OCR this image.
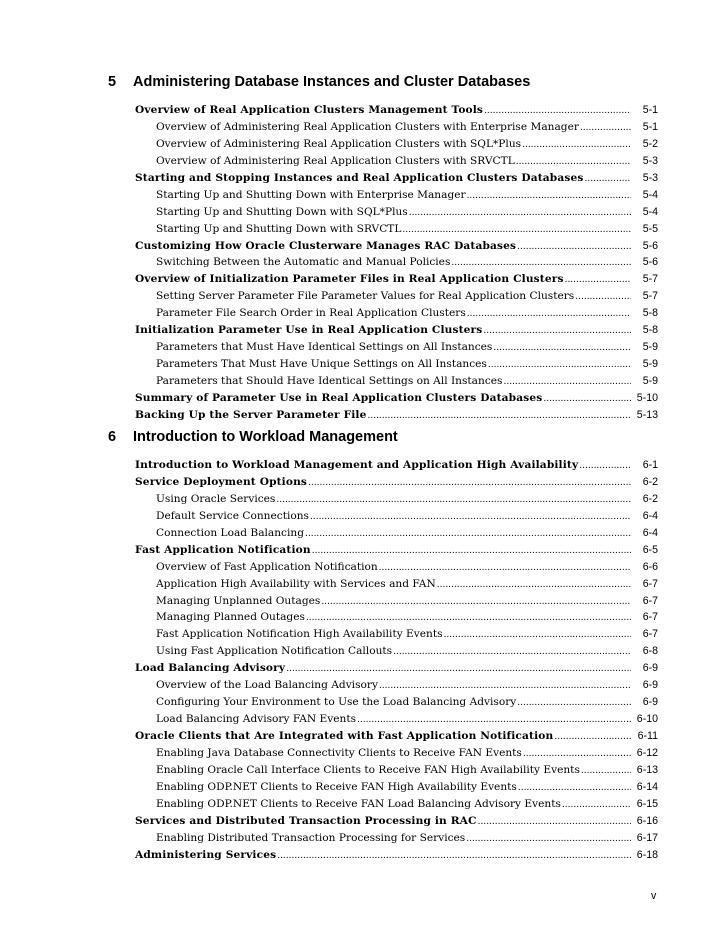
5	Administering Database Instances and Cluster Databases
Overview of Real Application Clusters Management Tools .....	5-1
Overview of Administering Real Application Clusters with Enterprise Manager .....	5-1
Overview of Administering Real Application Clusters with SQL*Plus .....	5-2
Overview of Administering Real Application Clusters with SRVCTL .....	5-3
Starting and Stopping Instances and Real Application Clusters Databases .....	5-3
Starting Up and Shutting Down with Enterprise Manager .....	5-4
Starting Up and Shutting Down with SQL*Plus .....	5-4
Starting Up and Shutting Down with SRVCTL .....	5-5
Customizing How Oracle Clusterware Manages RAC Databases .....	5-6
Switching Between the Automatic and Manual Policies .....	5-6
Overview of Initialization Parameter Files in Real Application Clusters .....	5-7
Setting Server Parameter File Parameter Values for Real Application Clusters .....	5-7
Parameter File Search Order in Real Application Clusters .....	5-8
Initialization Parameter Use in Real Application Clusters .....	5-8
Parameters that Must Have Identical Settings on All Instances .....	5-9
Parameters That Must Have Unique Settings on All Instances .....	5-9
Parameters that Should Have Identical Settings on All Instances .....	5-9
Summary of Parameter Use in Real Application Clusters Databases .....	5-10
Backing Up the Server Parameter File .....	5-13
6	Introduction to Workload Management
Introduction to Workload Management and Application High Availability .....	6-1
Service Deployment Options .....	6-2
Using Oracle Services .....	6-2
Default Service Connections .....	6-4
Connection Load Balancing .....	6-4
Fast Application Notification .....	6-5
Overview of Fast Application Notification .....	6-6
Application High Availability with Services and FAN .....	6-7
Managing Unplanned Outages .....	6-7
Managing Planned Outages .....	6-7
Fast Application Notification High Availability Events .....	6-7
Using Fast Application Notification Callouts .....	6-8
Load Balancing Advisory .....	6-9
Overview of the Load Balancing Advisory .....	6-9
Configuring Your Environment to Use the Load Balancing Advisory .....	6-9
Load Balancing Advisory FAN Events .....	6-10
Oracle Clients that Are Integrated with Fast Application Notification .....	6-11
Enabling Java Database Connectivity Clients to Receive FAN Events .....	6-12
Enabling Oracle Call Interface Clients to Receive FAN High Availability Events .....	6-13
Enabling ODP.NET Clients to Receive FAN High Availability Events .....	6-14
Enabling ODP.NET Clients to Receive FAN Load Balancing Advisory Events .....	6-15
Services and Distributed Transaction Processing in RAC .....	6-16
Enabling Distributed Transaction Processing for Services .....	6-17
Administering Services .....	6-18
v
